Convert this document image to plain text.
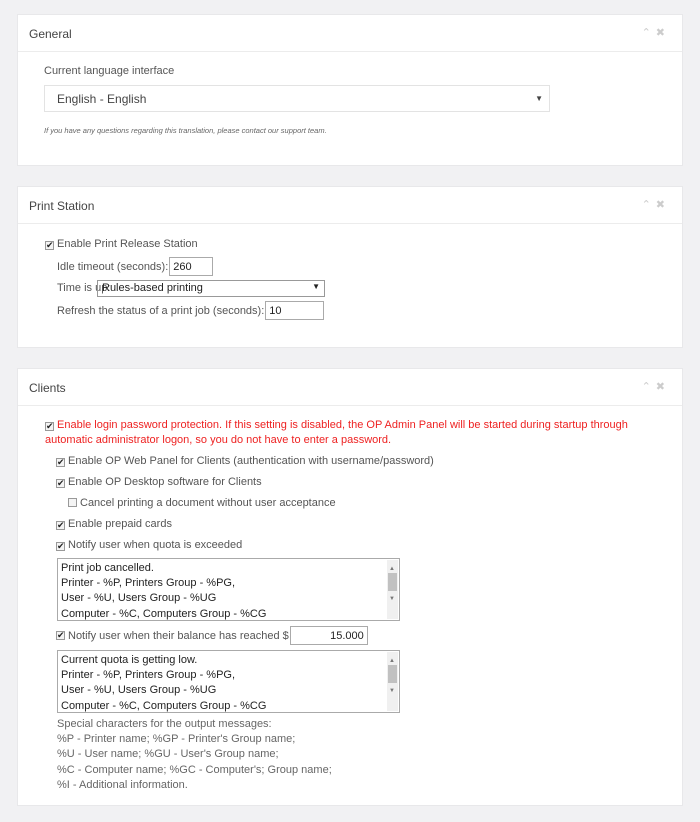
General	⌃✖
Current language interface
English - English	▼
If you have any questions regarding this translation, please contact our support team.
Print Station	⌃✖
✔ Enable Print Release Station
Idle timeout (seconds):
260
Time is up:
Rules-based printing	▼
Refresh the status of a print job (seconds):
10
Clients	⌃✖
✔ Enable login password protection. If this setting is disabled, the OP Admin Panel will be started during startup through
automatic administrator logon, so you do not have to enter a password.
✔ Enable OP Web Panel for Clients (authentication with username/password)
✔ Enable OP Desktop software for Clients
Cancel printing a document without user acceptance
✔ Enable prepaid cards
✔ Notify user when quota is exceeded
Print job cancelled.
Printer - %P, Printers Group - %PG,
User - %U, Users Group - %UG
Computer - %C, Computers Group - %CG
▲
▼
✔ Notify user when their balance has reached $
15.000
Current quota is getting low.
Printer - %P, Printers Group - %PG,
User - %U, Users Group - %UG
Computer - %C, Computers Group - %CG
▲
▼
Special characters for the output messages:
%P - Printer name; %GP - Printer's Group name;
%U - User name; %GU - User's Group name;
%C - Computer name; %GC - Computer's; Group name;
%I - Additional information.
